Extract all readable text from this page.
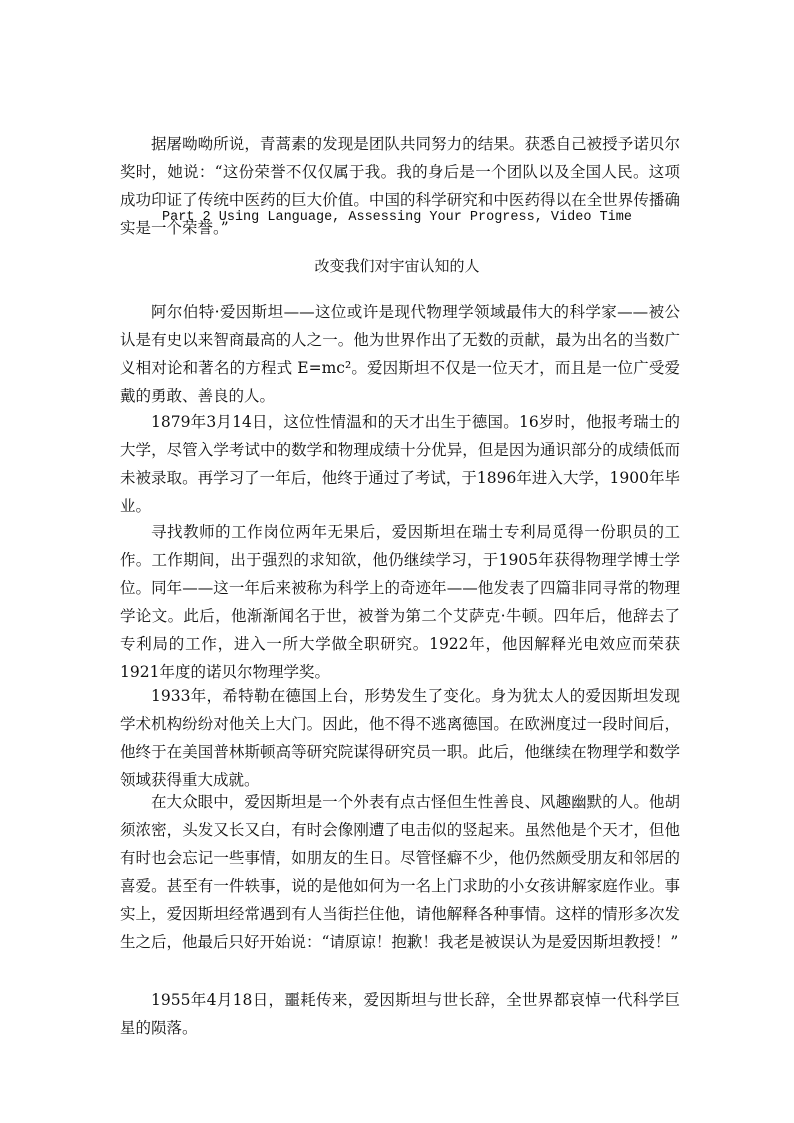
据屠呦呦所说，青蒿素的发现是团队共同努力的结果。获悉自己被授予诺贝尔奖时，她说：“这份荣誉不仅仅属于我。我的身后是一个团队以及全国人民。这项成功印证了传统中医药的巨大价值。中国的科学研究和中医药得以在全世界传播确实是一个荣誉。”

Part 2 Using Language, Assessing Your Progress, Video Time

改变我们对宇宙认知的人

阿尔伯特·爱因斯坦——这位或许是现代物理学领域最伟大的科学家——被公认是有史以来智商最高的人之一。他为世界作出了无数的贡献，最为出名的当数广义相对论和著名的方程式 E=mc²。爱因斯坦不仅是一位天才，而且是一位广受爱戴的勇敢、善良的人。

1879年3月14日，这位性情温和的天才出生于德国。16岁时，他报考瑞士的大学，尽管入学考试中的数学和物理成绩十分优异，但是因为通识部分的成绩低而未被录取。再学习了一年后，他终于通过了考试，于1896年进入大学，1900年毕业。

寻找教师的工作岗位两年无果后，爱因斯坦在瑞士专利局觅得一份职员的工作。工作期间，出于强烈的求知欲，他仍继续学习，于1905年获得物理学博士学位。同年——这一年后来被称为科学上的奇迹年——他发表了四篇非同寻常的物理学论文。此后，他渐渐闻名于世，被誉为第二个艾萨克·牛顿。四年后，他辞去了专利局的工作，进入一所大学做全职研究。1922年，他因解释光电效应而荣获1921年度的诺贝尔物理学奖。

1933年，希特勒在德国上台，形势发生了变化。身为犹太人的爱因斯坦发现学术机构纷纷对他关上大门。因此，他不得不逃离德国。在欧洲度过一段时间后，他终于在美国普林斯顿高等研究院谋得研究员一职。此后，他继续在物理学和数学领域获得重大成就。

在大众眼中，爱因斯坦是一个外表有点古怪但生性善良、风趣幽默的人。他胡须浓密，头发又长又白，有时会像刚遭了电击似的竖起来。虽然他是个天才，但他有时也会忘记一些事情，如朋友的生日。尽管怪癖不少，他仍然颇受朋友和邻居的喜爱。甚至有一件轶事，说的是他如何为一名上门求助的小女孩讲解家庭作业。事实上，爱因斯坦经常遇到有人当街拦住他，请他解释各种事情。这样的情形多次发生之后，他最后只好开始说：“请原谅！抱歉！我老是被误认为是爱因斯坦教授！”

1955年4月18日，噩耗传来，爱因斯坦与世长辞，全世界都哀悼一代科学巨星的陨落。
